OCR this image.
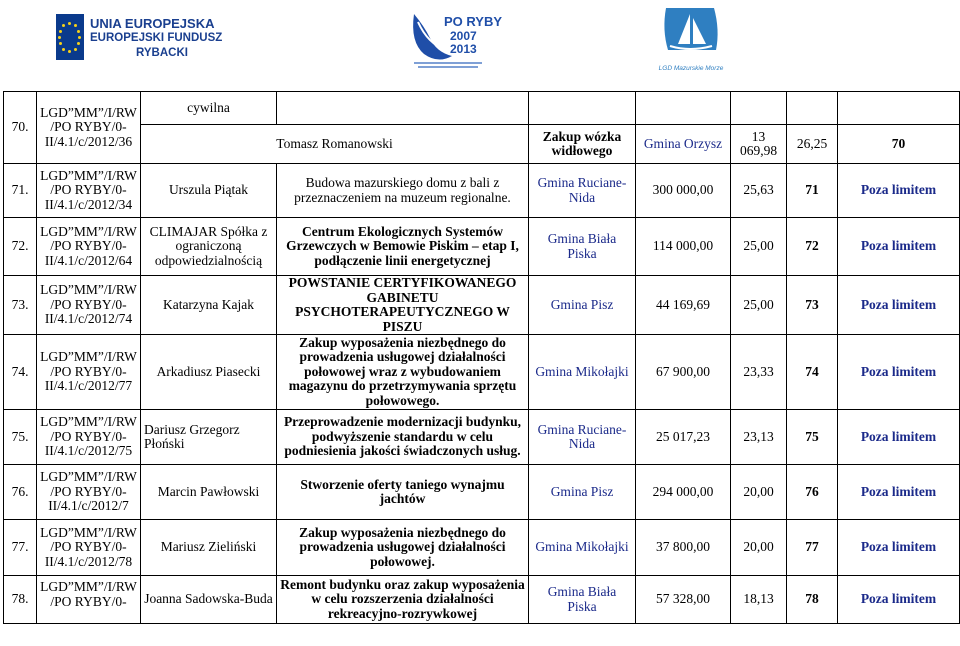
UNIA EUROPEJSKA
EUROPEJSKI FUNDUSZ
RYBACKI
PO RYBY
2007
2013
LGD Mazurskie Morze
70.	LGD”MM”/I/RW /PO RYBY/0-II/4.1/c/2012/36	cywilna							
		Tomasz Romanowski		Zakup wózka widłowego	Gmina Orzysz	13 069,98	26,25	70	
71.	LGD”MM”/I/RW /PO RYBY/0-II/4.1/c/2012/34	Urszula Piątak	Budowa mazurskiego domu z bali z przeznaczeniem na muzeum regionalne.	Gmina Ruciane-Nida	300 000,00	25,63	71	Poza limitem	
72.	LGD”MM”/I/RW /PO RYBY/0-II/4.1/c/2012/64	CLIMAJAR Spółka z ograniczoną odpowiedzialnością	Centrum Ekologicznych Systemów Grzewczych w Bemowie Piskim – etap I, podłączenie linii energetycznej	Gmina Biała Piska	114 000,00	25,00	72	Poza limitem	
73.	LGD”MM”/I/RW /PO RYBY/0-II/4.1/c/2012/74	Katarzyna Kajak	POWSTANIE CERTYFIKOWANEGO GABINETU PSYCHOTERAPEUTYCZNEGO W PISZU	Gmina Pisz	44 169,69	25,00	73	Poza limitem	
74.	LGD”MM”/I/RW /PO RYBY/0-II/4.1/c/2012/77	Arkadiusz Piasecki	Zakup wyposażenia niezbędnego do prowadzenia usługowej działalności połowowej wraz z wybudowaniem magazynu do przetrzymywania sprzętu połowowego.	Gmina Mikołajki	67 900,00	23,33	74	Poza limitem	
75.	LGD”MM”/I/RW /PO RYBY/0-II/4.1/c/2012/75	Dariusz Grzegorz Płoński	Przeprowadzenie modernizacji budynku, podwyższenie standardu w celu podniesienia jakości świadczonych usług.	Gmina Ruciane-Nida	25 017,23	23,13	75	Poza limitem	
76.	LGD”MM”/I/RW /PO RYBY/0-II/4.1/c/2012/7	Marcin Pawłowski	Stworzenie oferty taniego wynajmu jachtów	Gmina Pisz	294 000,00	20,00	76	Poza limitem	
77.	LGD”MM”/I/RW /PO RYBY/0-II/4.1/c/2012/78	Mariusz Zieliński	Zakup wyposażenia niezbędnego do prowadzenia usługowej działalności połowowej.	Gmina Mikołajki	37 800,00	20,00	77	Poza limitem	
78.	LGD”MM”/I/RW /PO RYBY/0-	Joanna Sadowska-Buda	Remont budynku oraz zakup wyposażenia w celu rozszerzenia działalności rekreacyjno-rozrywkowej	Gmina Biała Piska	57 328,00	18,13	78	Poza limitem	
